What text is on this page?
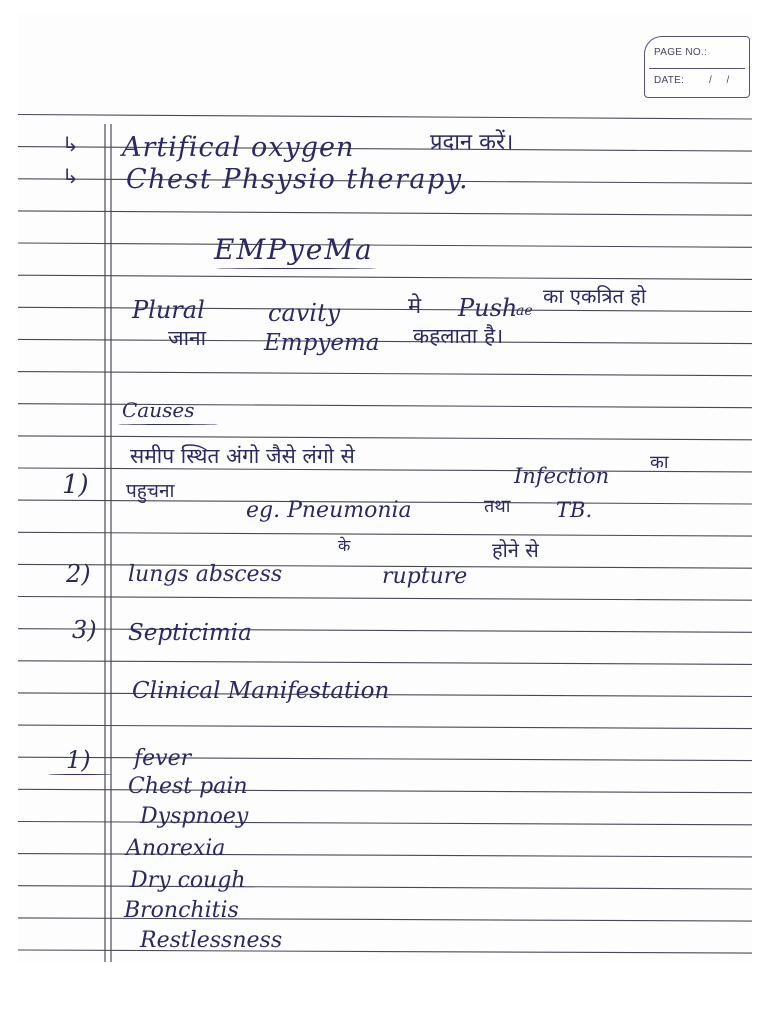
PAGE NO.:
DATE: / /
↳ Artifical oxygen	प्रदान करें।
↳ Chest Phsysio therapy.
EMPyeMa
Plural	cavity	मे Push
ae
का एकत्रित हो
जाना	Empyema कहलाता है।
Causes
1)
समीप स्थित अंगो जैसे लंगो से
Infection
का
पहुचना
eg. Pneumonia	तथा TB.
2) lungs abscess
के
rupture
होने से
3) Septicimia
Clinical Manifestation
1) fever
Chest pain
Dyspnoey
Anorexia
Dry cough
Bronchitis
Restlessness
